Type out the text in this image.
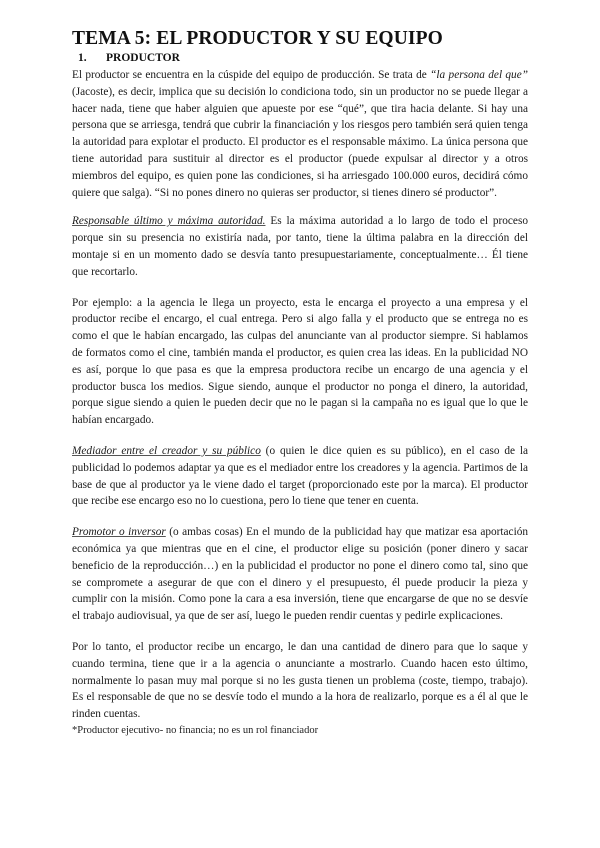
TEMA 5: EL PRODUCTOR Y SU EQUIPO
1. PRODUCTOR

El productor se encuentra en la cúspide del equipo de producción. Se trata de “la persona del que” (Jacoste), es decir, implica que su decisión lo condiciona todo, sin un productor no se puede llegar a hacer nada, tiene que haber alguien que apueste por ese “qué”, que tira hacia delante. Si hay una persona que se arriesga, tendrá que cubrir la financiación y los riesgos pero también será quien tenga la autoridad para explotar el producto. El productor es el responsable máximo. La única persona que tiene autoridad para sustituir al director es el productor (puede expulsar al director y a otros miembros del equipo, es quien pone las condiciones, si ha arriesgado 100.000 euros, decidirá cómo quiere que salga). “Si no pones dinero no quieras ser productor, si tienes dinero sé productor”.

Responsable último y máxima autoridad. Es la máxima autoridad a lo largo de todo el proceso porque sin su presencia no existiría nada, por tanto, tiene la última palabra en la dirección del montaje si en un momento dado se desvía tanto presupuestariamente, conceptualmente… Él tiene que recortarlo.

Por ejemplo: a la agencia le llega un proyecto, esta le encarga el proyecto a una empresa y el productor recibe el encargo, el cual entrega. Pero si algo falla y el producto que se entrega no es como el que le habían encargado, las culpas del anunciante van al productor siempre. Si hablamos de formatos como el cine, también manda el productor, es quien crea las ideas. En la publicidad NO es así, porque lo que pasa es que la empresa productora recibe un encargo de una agencia y el productor busca los medios. Sigue siendo, aunque el productor no ponga el dinero, la autoridad, porque sigue siendo a quien le pueden decir que no le pagan si la campaña no es igual que lo que le habían encargado.

Mediador entre el creador y su público (o quien le dice quien es su público), en el caso de la publicidad lo podemos adaptar ya que es el mediador entre los creadores y la agencia. Partimos de la base de que al productor ya le viene dado el target (proporcionado este por la marca). El productor que recibe ese encargo eso no lo cuestiona, pero lo tiene que tener en cuenta.

Promotor o inversor (o ambas cosas) En el mundo de la publicidad hay que matizar esa aportación económica ya que mientras que en el cine, el productor elige su posición (poner dinero y sacar beneficio de la reproducción…) en la publicidad el productor no pone el dinero como tal, sino que se compromete a asegurar de que con el dinero y el presupuesto, él puede producir la pieza y cumplir con la misión. Como pone la cara a esa inversión, tiene que encargarse de que no se desvíe el trabajo audiovisual, ya que de ser así, luego le pueden rendir cuentas y pedirle explicaciones.

Por lo tanto, el productor recibe un encargo, le dan una cantidad de dinero para que lo saque y cuando termina, tiene que ir a la agencia o anunciante a mostrarlo. Cuando hacen esto último, normalmente lo pasan muy mal porque si no les gusta tienen un problema (coste, tiempo, trabajo). Es el responsable de que no se desvíe todo el mundo a la hora de realizarlo, porque es a él al que le rinden cuentas.

*Productor ejecutivo- no financia; no es un rol financiador
